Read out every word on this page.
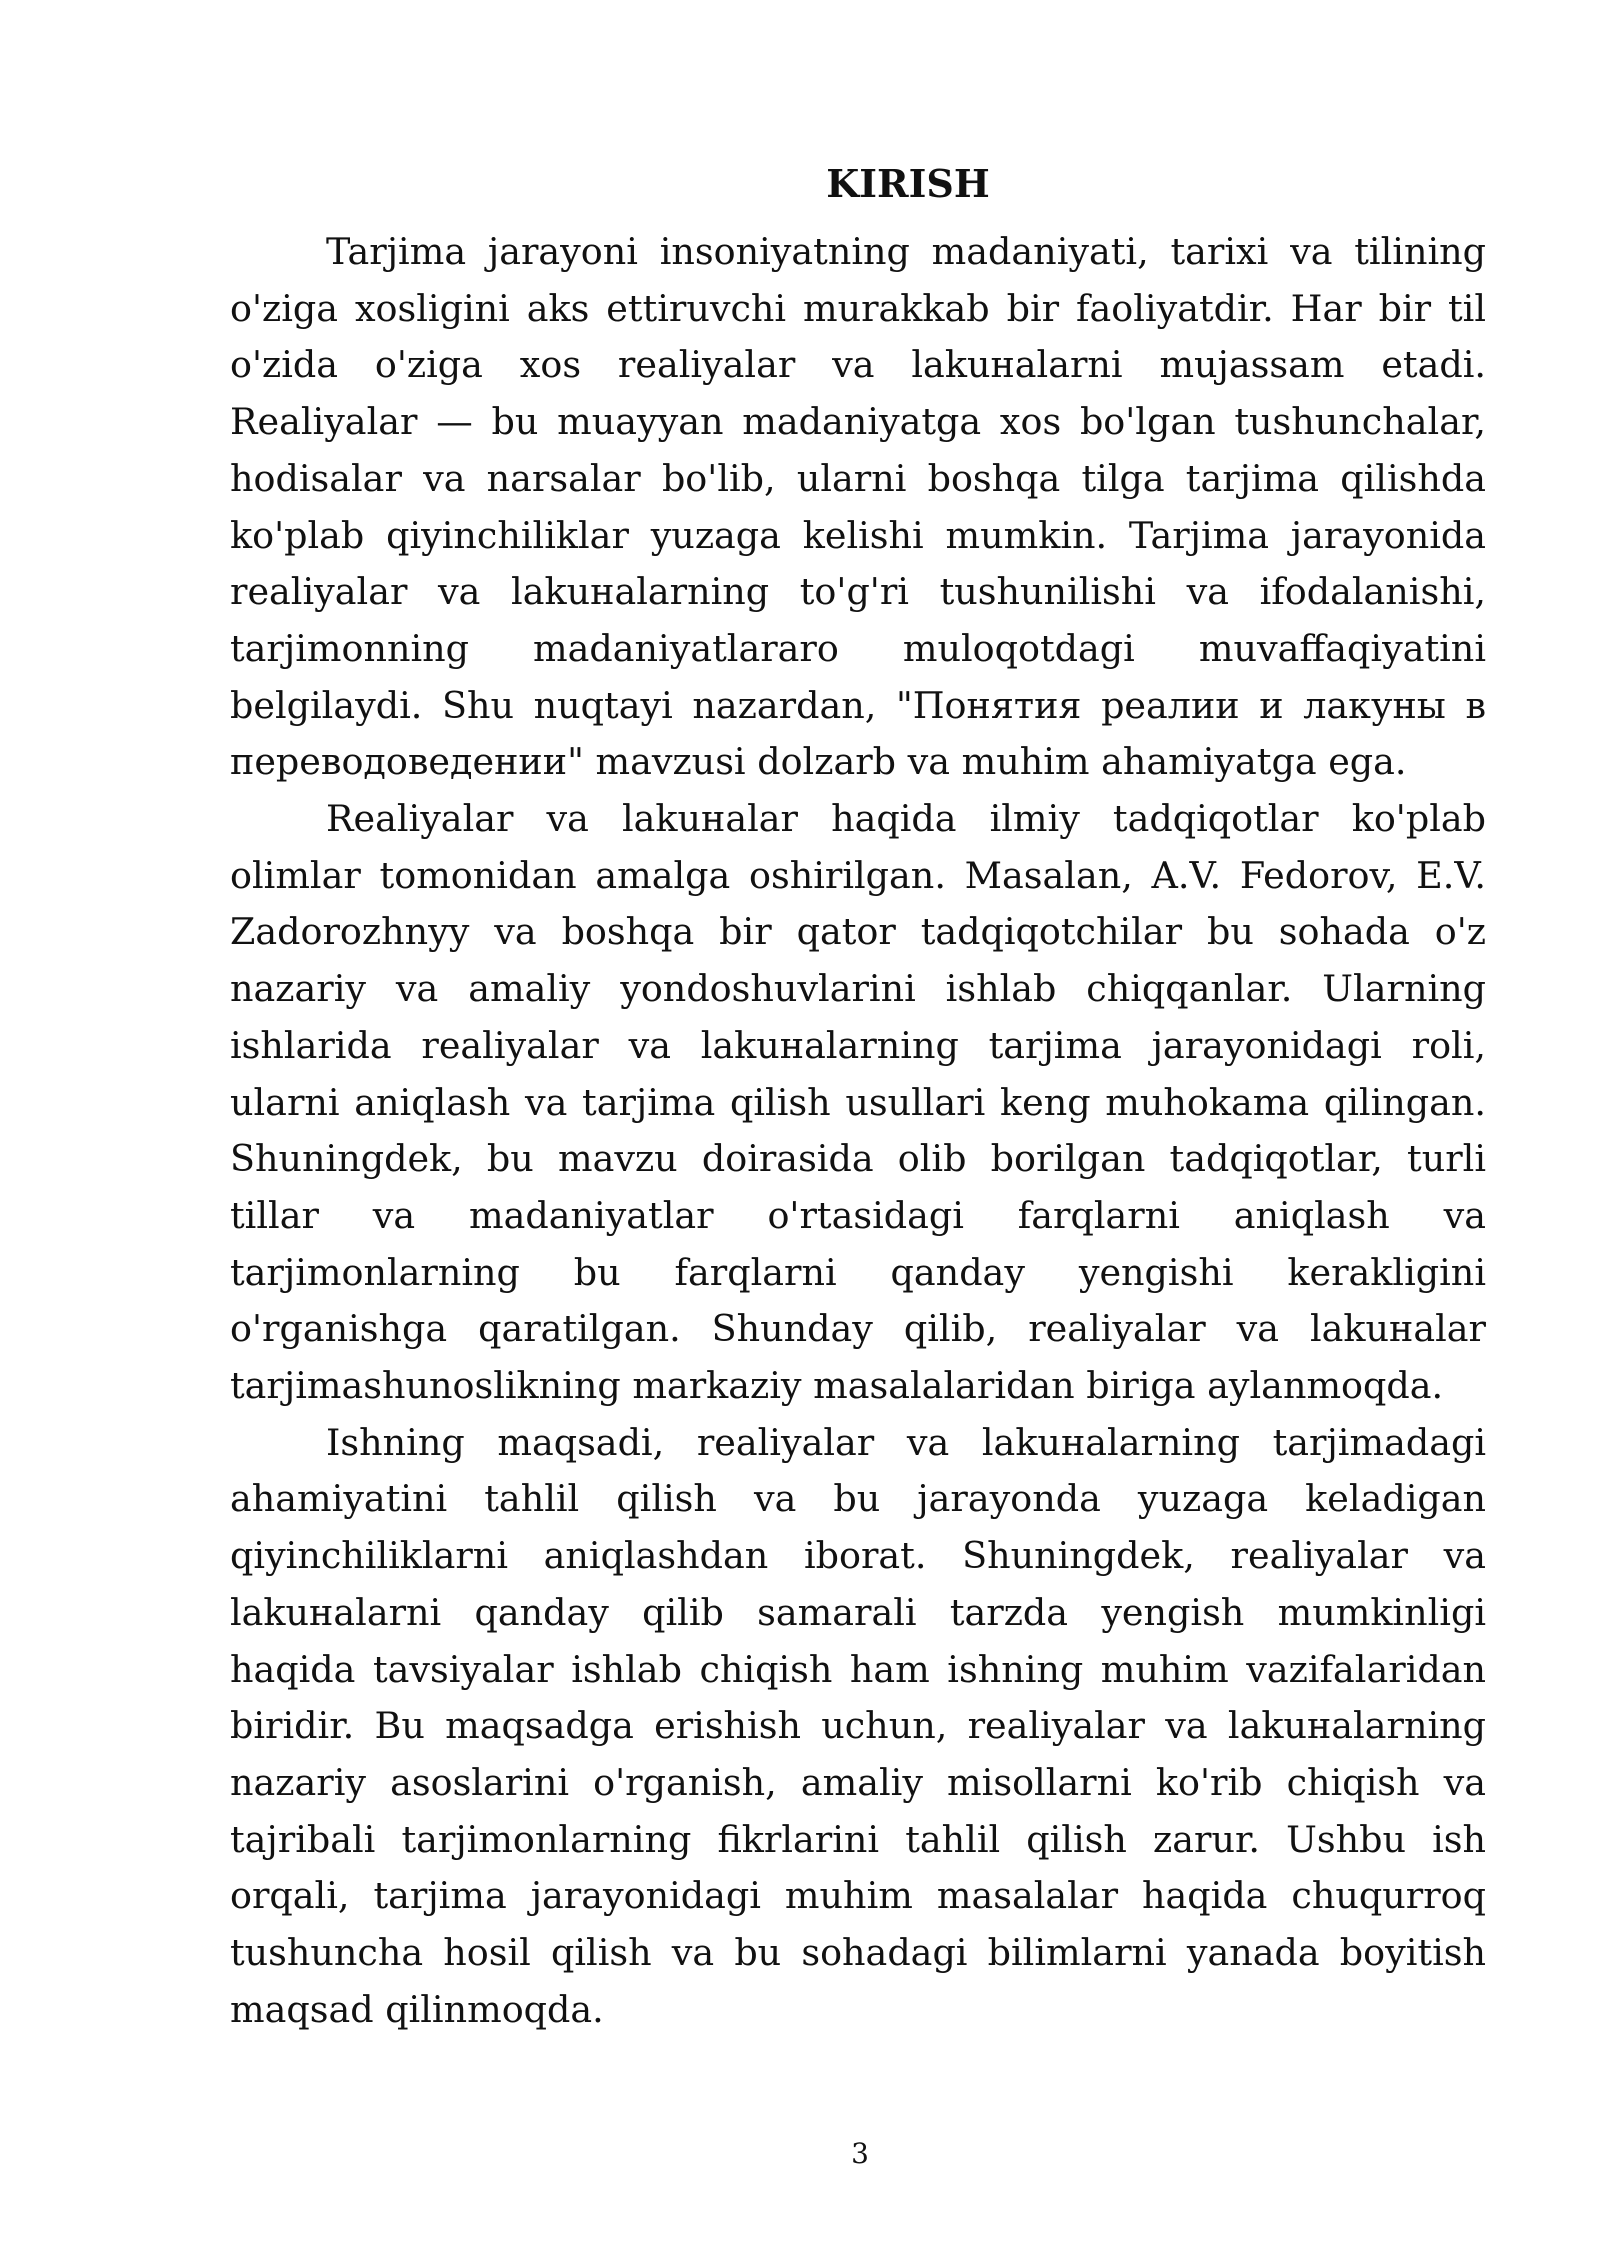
KIRISH

Tarjima jarayoni insoniyatning madaniyati, tarixi va tilining o'ziga xosligini aks ettiruvchi murakkab bir faoliyatdir. Har bir til o'zida o'ziga xos realiyalar va lakuнalarni mujassam etadi. Realiyalar — bu muayyan madaniyatga xos bo'lgan tushunchalar, hodisalar va narsalar bo'lib, ularni boshqa tilga tarjima qilishda ko'plab qiyinchiliklar yuzaga kelishi mumkin. Tarjima jarayonida realiyalar va lakuнalarning to'g'ri tushunilishi va ifodalanishi, tarjimonning madaniyatlararo muloqotdagi muvaffaqiyatini belgilaydi. Shu nuqtayi nazardan, "Понятия реалии и лакуны в переводоведении" mavzusi dolzarb va muhim ahamiyatga ega.

Realiyalar va lakuнalar haqida ilmiy tadqiqotlar ko'plab olimlar tomonidan amalga oshirilgan. Masalan, A.V. Fedorov, E.V. Zadorozhnyy va boshqa bir qator tadqiqotchilar bu sohada o'z nazariy va amaliy yondoshuvlarini ishlab chiqqanlar. Ularning ishlarida realiyalar va lakuнalarning tarjima jarayonidagi roli, ularni aniqlash va tarjima qilish usullari keng muhokama qilingan. Shuningdek, bu mavzu doirasida olib borilgan tadqiqotlar, turli tillar va madaniyatlar o'rtasidagi farqlarni aniqlash va tarjimonlarning bu farqlarni qanday yengishi kerakligini o'rganishga qaratilgan. Shunday qilib, realiyalar va lakuнalar tarjimashunoslikning markaziy masalalaridan biriga aylanmoqda.

Ishning maqsadi, realiyalar va lakuнalarning tarjimadagi ahamiyatini tahlil qilish va bu jarayonda yuzaga keladigan qiyinchiliklarni aniqlashdan iborat. Shuningdek, realiyalar va lakuнalarni qanday qilib samarali tarzda yengish mumkinligi haqida tavsiyalar ishlab chiqish ham ishning muhim vazifalaridan biridir. Bu maqsadga erishish uchun, realiyalar va lakuнalarning nazariy asoslarini o'rganish, amaliy misollarni ko'rib chiqish va tajribali tarjimonlarning fikrlarini tahlil qilish zarur. Ushbu ish orqali, tarjima jarayonidagi muhim masalalar haqida chuqurroq tushuncha hosil qilish va bu sohadagi bilimlarni yanada boyitish maqsad qilinmoqda.

3
